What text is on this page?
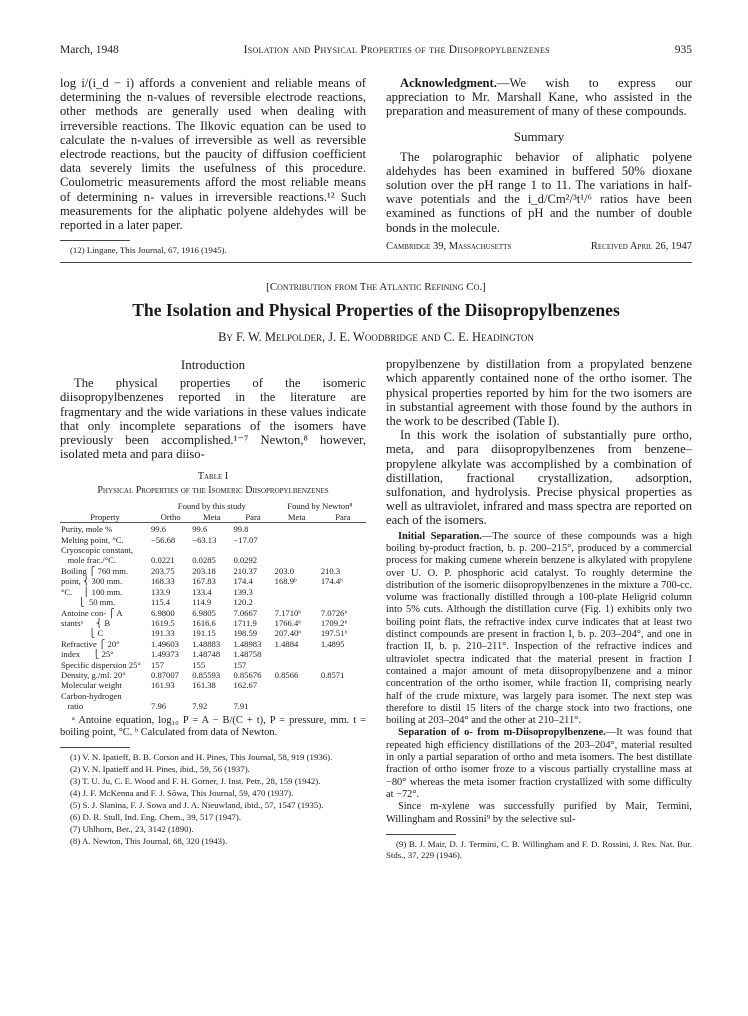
March, 1948	Isolation and Physical Properties of the Diisopropylbenzenes	935

log i/(i_d − i) affords a convenient and reliable means of determining the n-values of reversible electrode reactions, other methods are generally used when dealing with irreversible reactions. The Ilkovic equation can be used to calculate the n-values of irreversible as well as reversible electrode reactions, but the paucity of diffusion coefficient data severely limits the usefulness of this procedure. Coulometric measurements afford the most reliable means of determining n- values in irreversible reactions.¹² Such measurements for the aliphatic polyene aldehydes will be reported in a later paper.

(12) Lingane, This Journal, 67, 1916 (1945).

Acknowledgment.—We wish to express our appreciation to Mr. Marshall Kane, who assisted in the preparation and measurement of many of these compounds.

Summary

The polarographic behavior of aliphatic polyene aldehydes has been examined in buffered 50% dioxane solution over the pH range 1 to 11. The variations in half-wave potentials and the i_d/Cm²/³t¹/⁶ ratios have been examined as functions of pH and the number of double bonds in the molecule.

Cambridge 39, Massachusetts	Received April 26, 1947
[Contribution from The Atlantic Refining Co.]
The Isolation and Physical Properties of the Diisopropylbenzenes
By F. W. Melpolder, J. E. Woodbridge and C. E. Headington
Introduction

The physical properties of the isomeric diisopropylbenzenes reported in the literature are fragmentary and the wide variations in these values indicate that only incomplete separations of the isomers have previously been accomplished.¹⁻⁷ Newton,⁸ however, isolated meta and para diiso-

Table I
Physical Properties of the Isomeric Diisopropylbenzenes
	Found by this study			Found by Newton⁸	
Property	Ortho	Meta	Para	Meta	Para

Purity, mole %	99.6	99.6	99.8		
Melting point, °C.	−56.68	−63.13	−17.07		
Cryoscopic constant,					
mole frac./°C.	0.0221	0.0285	0.0292		
Boiling ⎧ 760 mm.	203.75	203.18	210.37	203.0	210.3
point, ⎨ 300 mm.	168.33	167.83	174.4	168.9ᵇ	174.4ᵇ
°C.     ⎪ 100 mm.	133.9	133.4	139.3		
⎩  50 mm.	115.4	114.9	120.2		
Antoine con- ⎧ A	6.9800	6.9805	7.0667	7.1710ᵇ	7.0726ᵇ
stantsᵃ      ⎨ B	1619.5	1616.6	1711.9	1766.4ᵇ	1709.2ᵇ
⎩ C	191.33	191.15	198.59	207.40ᵇ	197.51ᵇ
Refractive ⎧ 20°	1.49603	1.48883	1.48983	1.4884	1.4895
index      ⎩ 25°	1.49373	1.48748	1.48758		
Specific dispersion 25°	157	155	157		
Density, g./ml. 20°	0.87007	0.85593	0.85676	0.8566	0.8571
Molecular weight	161.93	161.38	162.67		
Carbon-hydrogen					
ratio	7.96	7.92	7.91		

ᵃ Antoine equation, log₁₀ P = A − B/(C + t), P = pressure, mm. t = boiling point, °C. ᵇ Calculated from data of Newton.

(1) V. N. Ipatieff, B. B. Corson and H. Pines, This Journal, 58, 919 (1936).

(2) V. N. Ipatieff and H. Pines, ibid., 59, 56 (1937).

(3) T. U. Ju, C. E. Wood and F. H. Gorner, J. Inst. Petr., 28, 159 (1942).

(4) J. F. McKenna and F. J. Sŏwa, This Journal, 59, 470 (1937).

(5) S. J. Slanina, F. J. Sowa and J. A. Nieuwland, ibid., 57, 1547 (1935).

(6) D. R. Stull, Ind. Eng. Chem., 39, 517 (1947).

(7) Uhlhorn, Ber., 23, 3142 (1890).

(8) A. Newton, This Journal, 68, 320 (1943).

propylbenzene by distillation from a propylated benzene which apparently contained none of the ortho isomer. The physical properties reported by him for the two isomers are in substantial agreement with those found by the authors in the work to be described (Table I).

In this work the isolation of substantially pure ortho, meta, and para diisopropylbenzenes from benzene–propylene alkylate was accomplished by a combination of distillation, fractional crystallization, adsorption, sulfonation, and hydrolysis. Precise physical properties as well as ultraviolet, infrared and mass spectra are reported on each of the isomers.

Initial Separation.—The source of these compounds was a high boiling by-product fraction, b. p. 200–215°, produced by a commercial process for making cumene wherein benzene is alkylated with propylene over U. O. P. phosphoric acid catalyst. To roughly determine the distribution of the isomeric diisopropylbenzenes in the mixture a 700-cc. volume was fractionally distilled through a 100-plate Heligrid column into 5% cuts. Although the distillation curve (Fig. 1) exhibits only two boiling point flats, the refractive index curve indicates that at least two distinct compounds are present in fraction I, b. p. 203–204°, and one in fraction II, b. p. 210–211°. Inspection of the refractive indices and ultraviolet spectra indicated that the material present in fraction I contained a major amount of meta diisopropylbenzene and a minor concentration of the ortho isomer, while fraction II, comprising nearly half of the crude mixture, was largely para isomer. The next step was therefore to distil 15 liters of the charge stock into two fractions, one boiling at 203–204° and the other at 210–211°.

Separation of o- from m-Diisopropylbenzene.—It was found that repeated high efficiency distillations of the 203–204°, material resulted in only a partial separation of ortho and meta isomers. The best distillate fraction of ortho isomer froze to a viscous partially crystalline mass at −80° whereas the meta isomer fraction crystallized with some difficulty at −72°.

Since m-xylene was successfully purified by Mair, Termini, Willingham and Rossini⁹ by the selective sul-

(9) B. J. Mair, D. J. Termini, C. B. Willingham and F. D. Rossini, J. Res. Nat. Bur. Stds., 37, 229 (1946).
